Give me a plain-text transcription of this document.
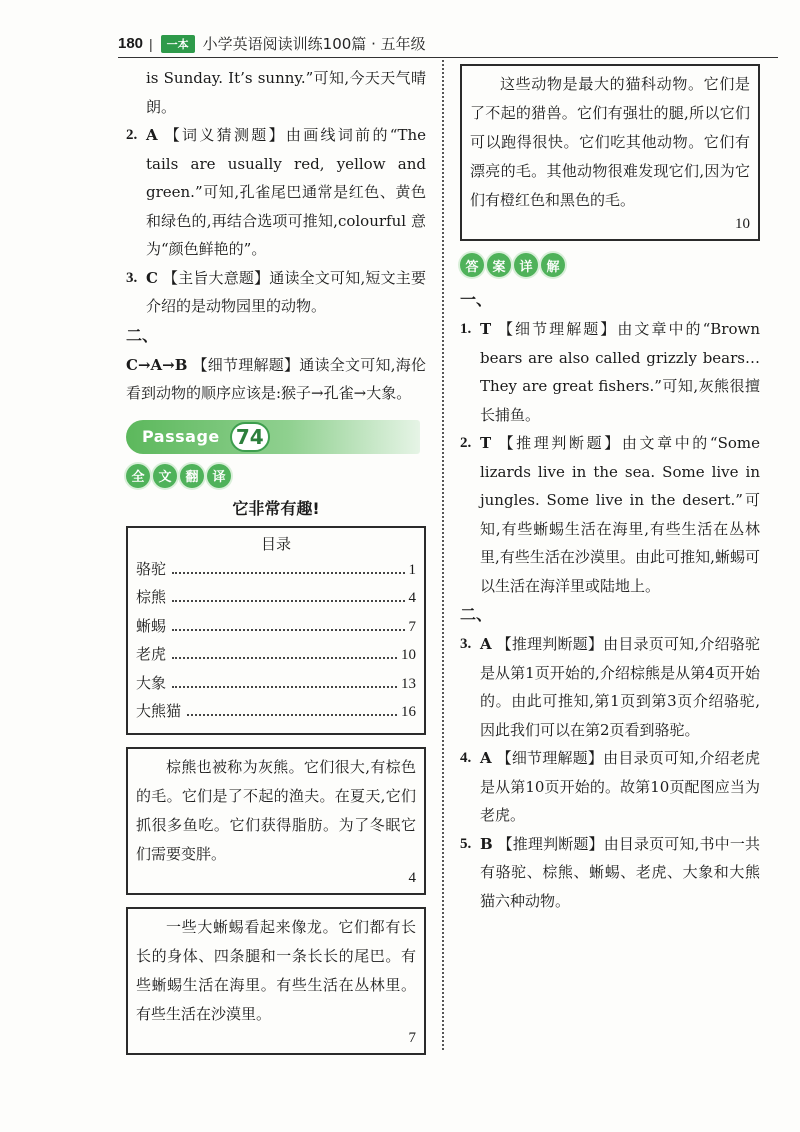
180 |	一本 小学英语阅读训练100篇 · 五年级

is Sunday. It’s sunny.”可知,今天天气晴朗。

2. A 【词义猜测题】由画线词前的“The tails are usually red, yellow and green.”可知,孔雀尾巴通常是红色、黄色和绿色的,再结合选项可推知,colourful 意为“颜色鲜艳的”。
3. C 【主旨大意题】通读全文可知,短文主要介绍的是动物园里的动物。
二、

C→A→B 【细节理解题】通读全文可知,海伦看到动物的顺序应该是:猴子→孔雀→大象。

Passage 74
全	文	翻	译
它非常有趣!
目录
骆驼	1
棕熊	4
蜥蜴	7
老虎	10
大象	13
大熊猫	16

棕熊也被称为灰熊。它们很大,有棕色的毛。它们是了不起的渔夫。在夏天,它们抓很多鱼吃。它们获得脂肪。为了冬眠它们需要变胖。

4

一些大蜥蜴看起来像龙。它们都有长长的身体、四条腿和一条长长的尾巴。有些蜥蜴生活在海里。有些生活在丛林里。有些生活在沙漠里。

7

这些动物是最大的猫科动物。它们是了不起的猎兽。它们有强壮的腿,所以它们可以跑得很快。它们吃其他动物。它们有漂亮的毛。其他动物很难发现它们,因为它们有橙红色和黑色的毛。

10
答	案	详	解
一、
1. T 【细节理解题】由文章中的“Brown bears are also called grizzly bears…They are great fishers.”可知,灰熊很擅长捕鱼。
2. T 【推理判断题】由文章中的“Some lizards live in the sea. Some live in jungles. Some live in the desert.”可知,有些蜥蜴生活在海里,有些生活在丛林里,有些生活在沙漠里。由此可推知,蜥蜴可以生活在海洋里或陆地上。
二、
3. A 【推理判断题】由目录页可知,介绍骆驼是从第1页开始的,介绍棕熊是从第4页开始的。由此可推知,第1页到第3页介绍骆驼,因此我们可以在第2页看到骆驼。
4. A 【细节理解题】由目录页可知,介绍老虎是从第10页开始的。故第10页配图应当为老虎。
5. B 【推理判断题】由目录页可知,书中一共有骆驼、棕熊、蜥蜴、老虎、大象和大熊猫六种动物。
